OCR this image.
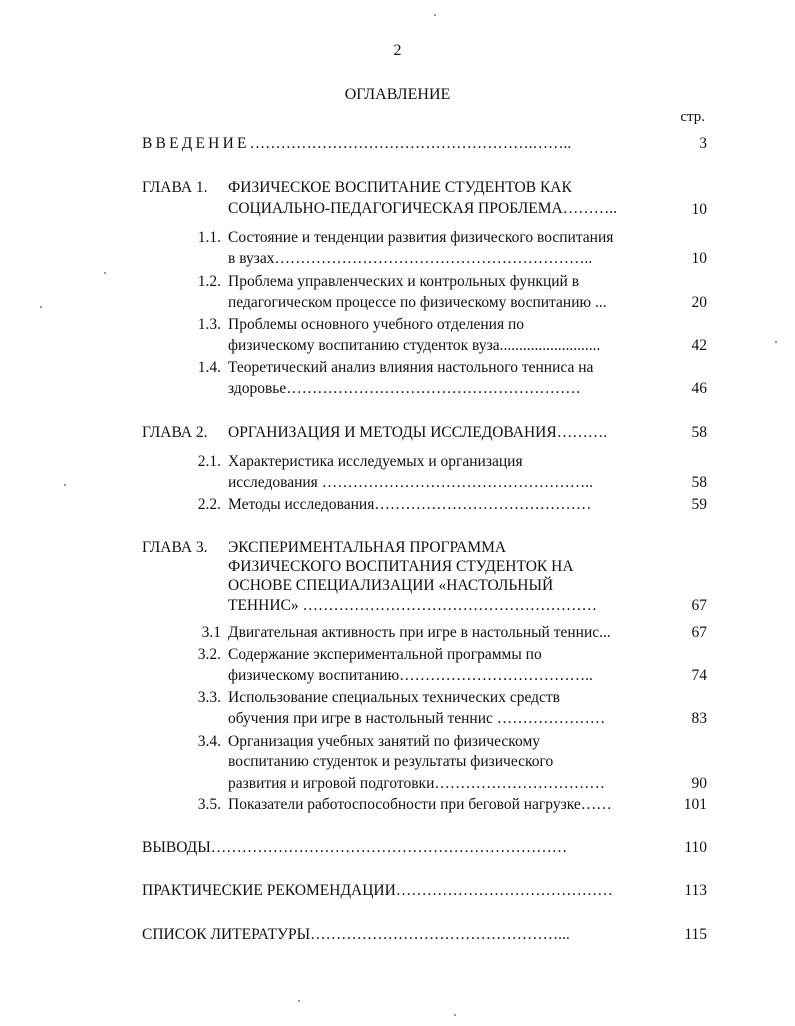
2
ОГЛАВЛЕНИЕ
стр.
ВВЕДЕНИЕ……………………………………………….……..	3
ГЛАВА 1. ФИЗИЧЕСКОЕ ВОСПИТАНИЕ СТУДЕНТОВ КАК
СОЦИАЛЬНО-ПЕДАГОГИЧЕСКАЯ ПРОБЛЕМА………..	10
1.1. Состояние и тенденции развития физического воспитания
в вузах……………………………………………………..	10
1.2. Проблема управленческих и контрольных функций в
педагогическом процессе по физическому воспитанию ...	20
1.3. Проблемы основного учебного отделения по
физическому воспитанию студенток вуза..........................	42
1.4. Теоретический анализ влияния настольного тенниса на
здоровье…………………………………………………	46
ГЛАВА 2. ОРГАНИЗАЦИЯ И МЕТОДЫ ИССЛЕДОВАНИЯ……….	58
2.1. Характеристика исследуемых и организация
исследования ……………………………………………..	58
2.2. Методы исследования……………………………………	59
ГЛАВА 3. ЭКСПЕРИМЕНТАЛЬНАЯ ПРОГРАММА
ФИЗИЧЕСКОГО ВОСПИТАНИЯ СТУДЕНТОК НА
ОСНОВЕ СПЕЦИАЛИЗАЦИИ «НАСТОЛЬНЫЙ
ТЕННИС» …………………………………………………	67
3.1 Двигательная активность при игре в настольный теннис...	67
3.2. Содержание экспериментальной программы по
физическому воспитанию………………………………..	74
3.3. Использование специальных технических средств
обучения при игре в настольный теннис …………………	83
3.4. Организация учебных занятий по физическому
воспитанию студенток и результаты физического
развития и игровой подготовки……………………………	90
3.5. Показатели работоспособности при беговой нагрузке……	101
ВЫВОДЫ……………………………………………………………	110
ПРАКТИЧЕСКИЕ РЕКОМЕНДАЦИИ……………………………………	113
СПИСОК ЛИТЕРАТУРЫ…………………………………………...	115
